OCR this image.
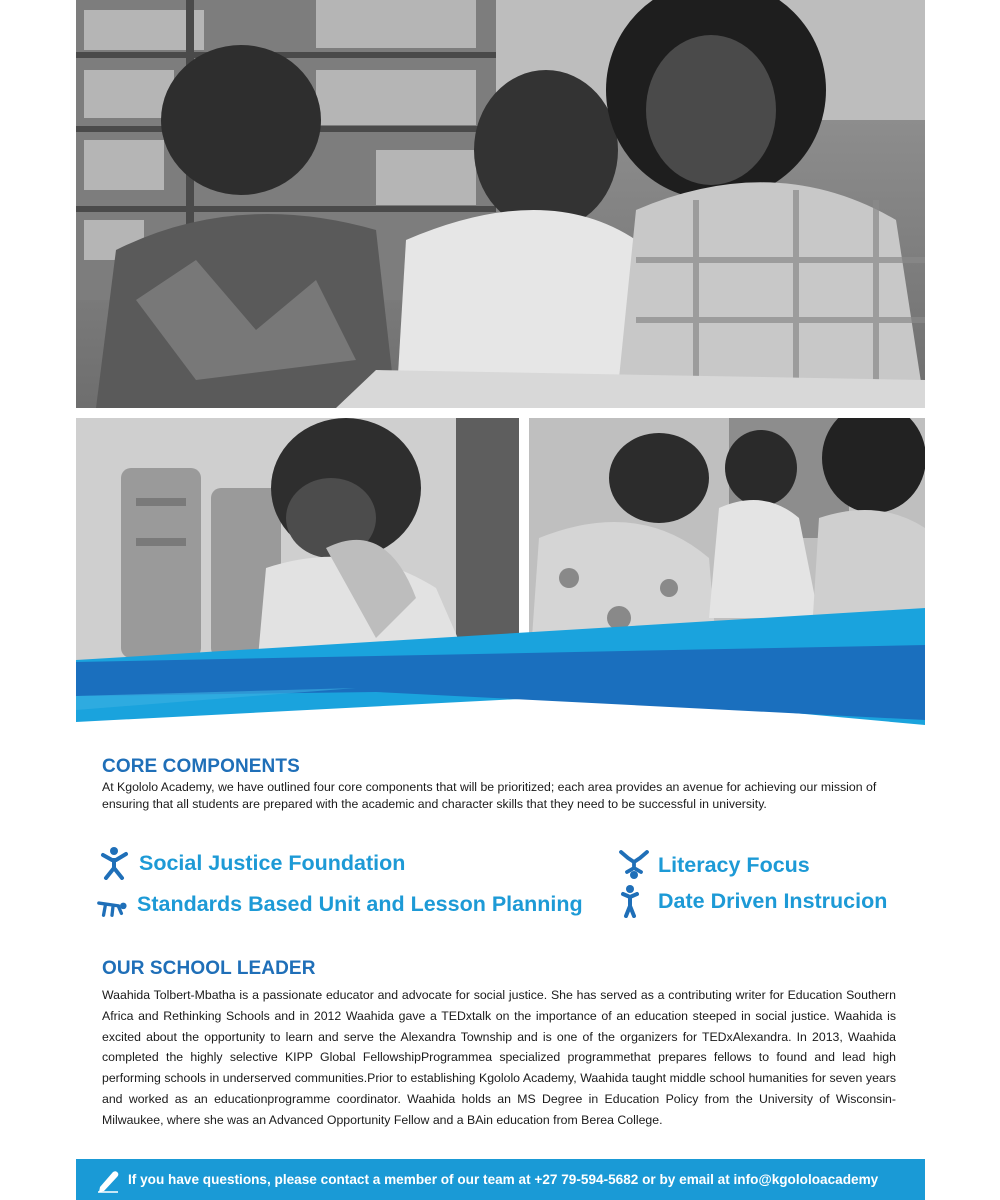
CORE COMPONENTS

At Kgololo Academy, we have outlined four core components that will be prioritized; each area provides an avenue for achieving our mission of ensuring that all students are prepared with the academic and character skills that they need to be successful in university.

Social Justice Foundation
Standards Based Unit and Lesson Planning
Literacy Focus
Date Driven Instrucion
OUR SCHOOL LEADER

Waahida Tolbert-Mbatha is a passionate educator and advocate for social justice. She has served as a contributing writer for Education Southern Africa and Rethinking Schools and in 2012 Waahida gave a TEDxtalk on the importance of an education steeped in social justice. Waahida is excited about the opportunity to learn and serve the Alexandra Township and is one of the organizers for TEDxAlexandra. In 2013, Waahida completed the highly selective KIPP Global FellowshipProgrammea specialized programmethat prepares fellows to found and lead high performing schools in underserved communities.Prior to establishing Kgololo Academy, Waahida taught middle school humanities for seven years and worked as an educationprogramme coordinator. Waahida holds an MS Degree in Education Policy from the University of Wisconsin-Milwaukee, where she was an Advanced Opportunity Fellow and a BAin education from Berea College.

If you have questions, please contact a member of our team at +27 79-594-5682 or by email at info@kgololoacademy
